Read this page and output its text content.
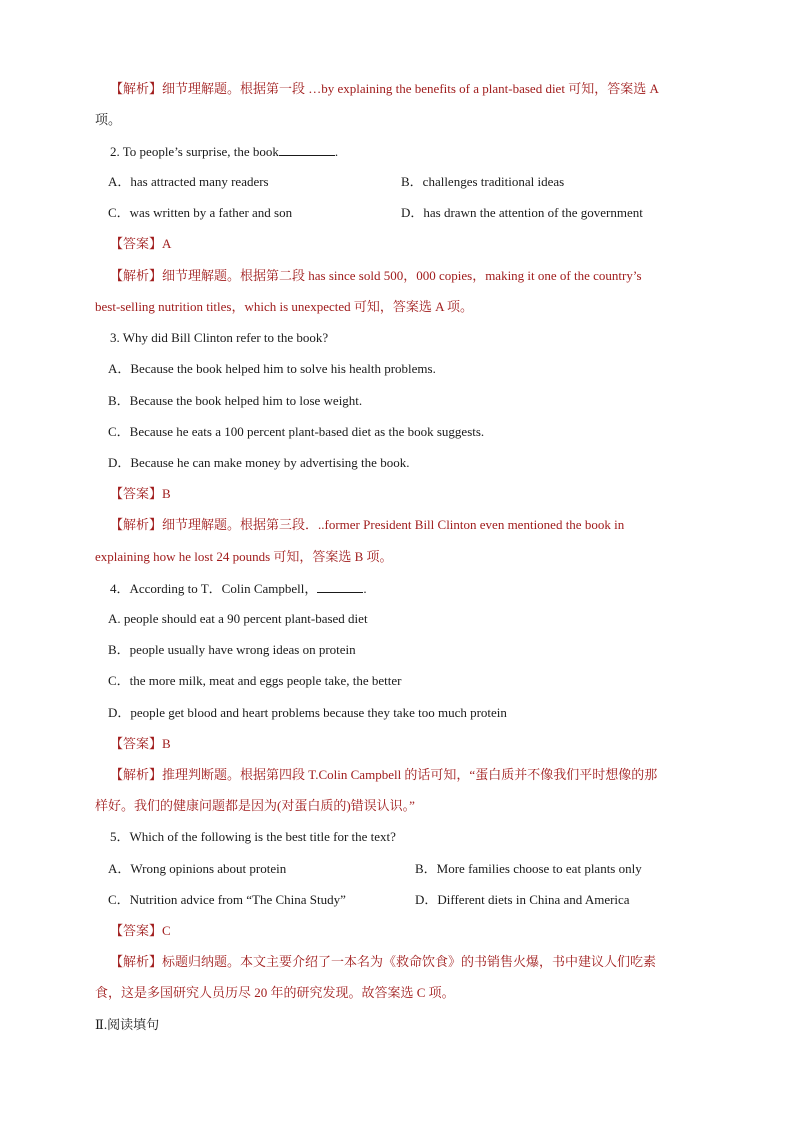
【解析】细节理解题。根据第一段 …by explaining the benefits of a plant-based diet 可知，答案选 A
项。
2. To people’s surprise, the book	.
A．has attracted many readers	B．challenges traditional ideas
C．was written by a father and son	D．has drawn the attention of the government
【答案】A
【解析】细节理解题。根据第二段 has since sold 500，000 copies，making it one of the country’s
best-selling nutrition titles，which is unexpected 可知，答案选 A 项。
3. Why did Bill Clinton refer to the book?
A．Because the book helped him to solve his health problems.
B．Because the book helped him to lose weight.
C．Because he eats a 100 percent plant-based diet as the book suggests.
D．Because he can make money by advertising the book.
【答案】B
【解析】细节理解题。根据第三段．..former President Bill Clinton even mentioned the book in
explaining how he lost 24 pounds 可知，答案选 B 项。
4．According to T．Colin Campbell，	.
A. people should eat a 90 percent plant-based diet
B．people usually have wrong ideas on protein
C．the more milk, meat and eggs people take, the better
D．people get blood and heart problems because they take too much protein
【答案】B
【解析】推理判断题。根据第四段 T.Colin Campbell 的话可知，“蛋白质并不像我们平时想像的那
样好。我们的健康问题都是因为(对蛋白质的)错误认识。”
5．Which of the following is the best title for the text?
A．Wrong opinions about protein	B．More families choose to eat plants only
C．Nutrition advice from “The China Study”	D．Different diets in China and America
【答案】C
【解析】标题归纳题。本文主要介绍了一本名为《救命饮食》的书销售火爆，书中建议人们吃素
食，这是多国研究人员历尽 20 年的研究发现。故答案选 C 项。
Ⅱ.阅读填句
